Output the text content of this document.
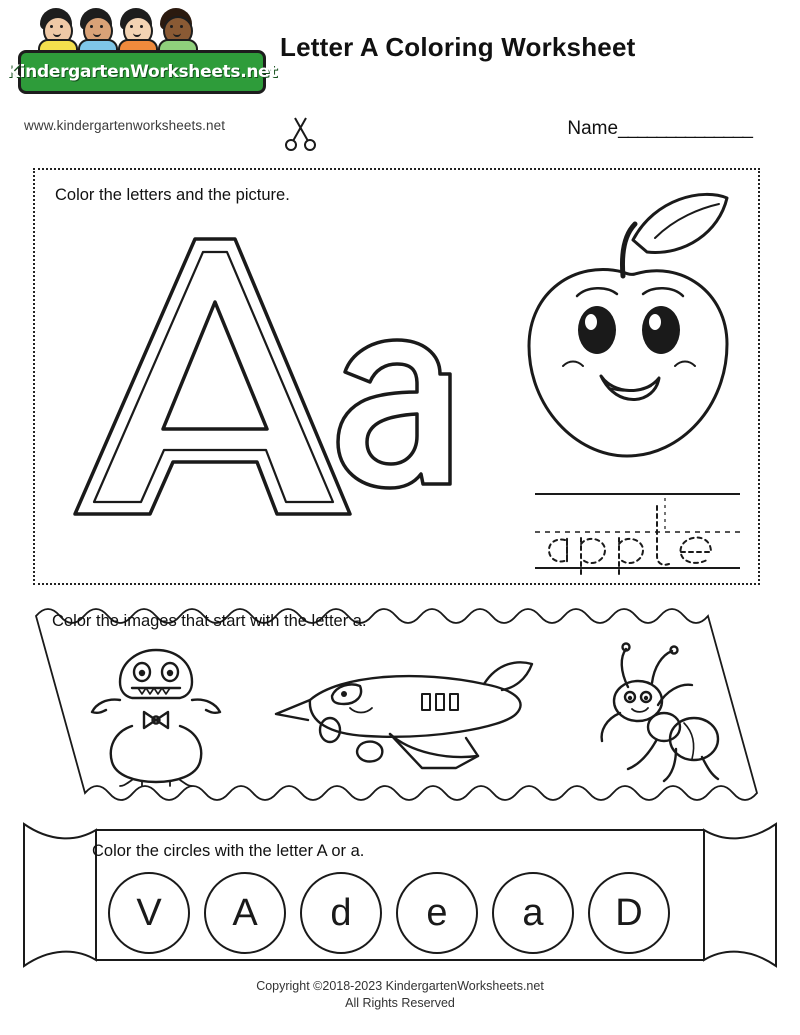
KindergartenWorksheets.net
www.kindergartenworksheets.net
Letter A Coloring Worksheet
Name______________
Color the letters and the picture.
Color the images that start with the letter a.
Color the circles with the letter A or a.
V	A	d	e	a	D
Copyright ©2018-2023 KindergartenWorksheets.net
All Rights Reserved
